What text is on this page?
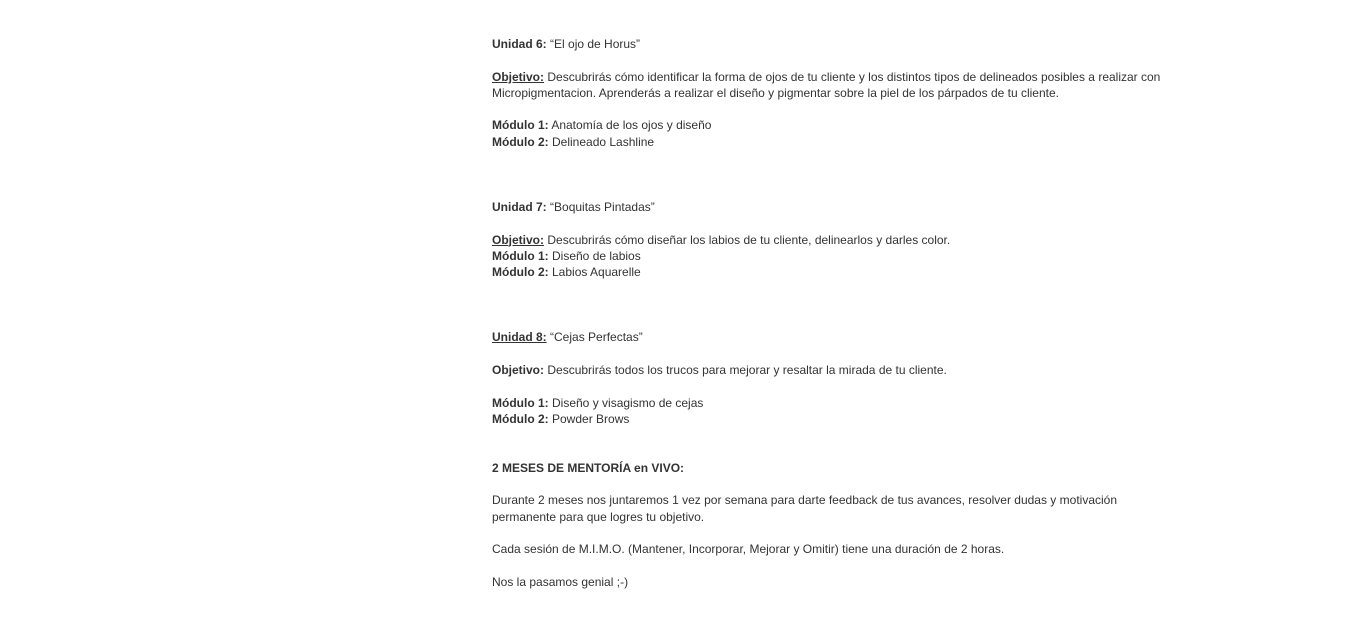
Unidad 6: “El ojo de Horus”

Objetivo: Descubrirás cómo identificar la forma de ojos de tu cliente y los distintos tipos de delineados posibles a realizar con Micropigmentacion. Aprenderás a realizar el diseño y pigmentar sobre la piel de los párpados de tu cliente.

Módulo 1: Anatomía de los ojos y diseño

Módulo 2: Delineado Lashline

Unidad 7: “Boquitas Pintadas”

Objetivo: Descubrirás cómo diseñar los labios de tu cliente, delinearlos y darles color.

Módulo 1: Diseño de labios

Módulo 2: Labios Aquarelle

Unidad 8: “Cejas Perfectas”

Objetivo: Descubrirás todos los trucos para mejorar y resaltar la mirada de tu cliente.

Módulo 1: Diseño y visagismo de cejas

Módulo 2: Powder Brows

2 MESES DE MENTORÍA en VIVO:

Durante 2 meses nos juntaremos 1 vez por semana para darte feedback de tus avances, resolver dudas y motivación permanente para que logres tu objetivo.

Cada sesión de M.I.M.O. (Mantener, Incorporar, Mejorar y Omitir) tiene una duración de 2 horas.

Nos la pasamos genial ;-)
